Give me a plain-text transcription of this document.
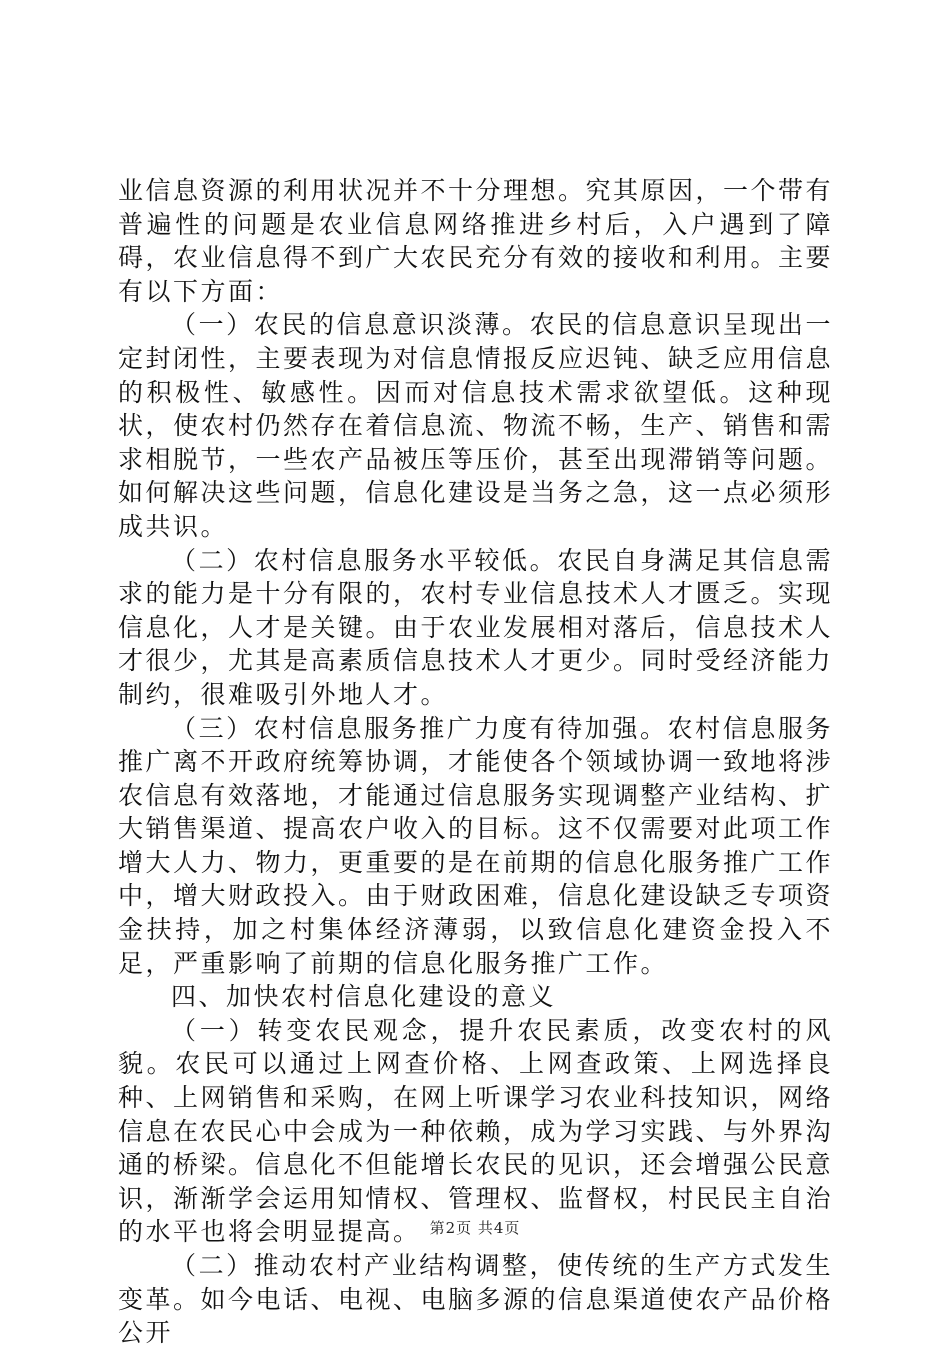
业信息资源的利用状况并不十分理想。究其原因，一个带有普遍性的问题是农业信息网络推进乡村后，入户遇到了障碍，农业信息得不到广大农民充分有效的接收和利用。主要有以下方面：

（一）农民的信息意识淡薄。农民的信息意识呈现出一定封闭性，主要表现为对信息情报反应迟钝、缺乏应用信息的积极性、敏感性。因而对信息技术需求欲望低。这种现状，使农村仍然存在着信息流、物流不畅，生产、销售和需求相脱节，一些农产品被压等压价，甚至出现滞销等问题。如何解决这些问题，信息化建设是当务之急，这一点必须形成共识。

（二）农村信息服务水平较低。农民自身满足其信息需求的能力是十分有限的，农村专业信息技术人才匮乏。实现信息化，人才是关键。由于农业发展相对落后，信息技术人才很少，尤其是高素质信息技术人才更少。同时受经济能力制约，很难吸引外地人才。

（三）农村信息服务推广力度有待加强。农村信息服务推广离不开政府统筹协调，才能使各个领域协调一致地将涉农信息有效落地，才能通过信息服务实现调整产业结构、扩大销售渠道、提高农户收入的目标。这不仅需要对此项工作增大人力、物力，更重要的是在前期的信息化服务推广工作中，增大财政投入。由于财政困难，信息化建设缺乏专项资金扶持，加之村集体经济薄弱，以致信息化建资金投入不足，严重影响了前期的信息化服务推广工作。

四、加快农村信息化建设的意义

（一）转变农民观念，提升农民素质，改变农村的风貌。农民可以通过上网查价格、上网查政策、上网选择良种、上网销售和采购，在网上听课学习农业科技知识，网络信息在农民心中会成为一种依赖，成为学习实践、与外界沟通的桥梁。信息化不但能增长农民的见识，还会增强公民意识，渐渐学会运用知情权、管理权、监督权，村民民主自治的水平也将会明显提高。

（二）推动农村产业结构调整，使传统的生产方式发生变革。如今电话、电视、电脑多源的信息渠道使农产品价格公开

第2页 共4页
